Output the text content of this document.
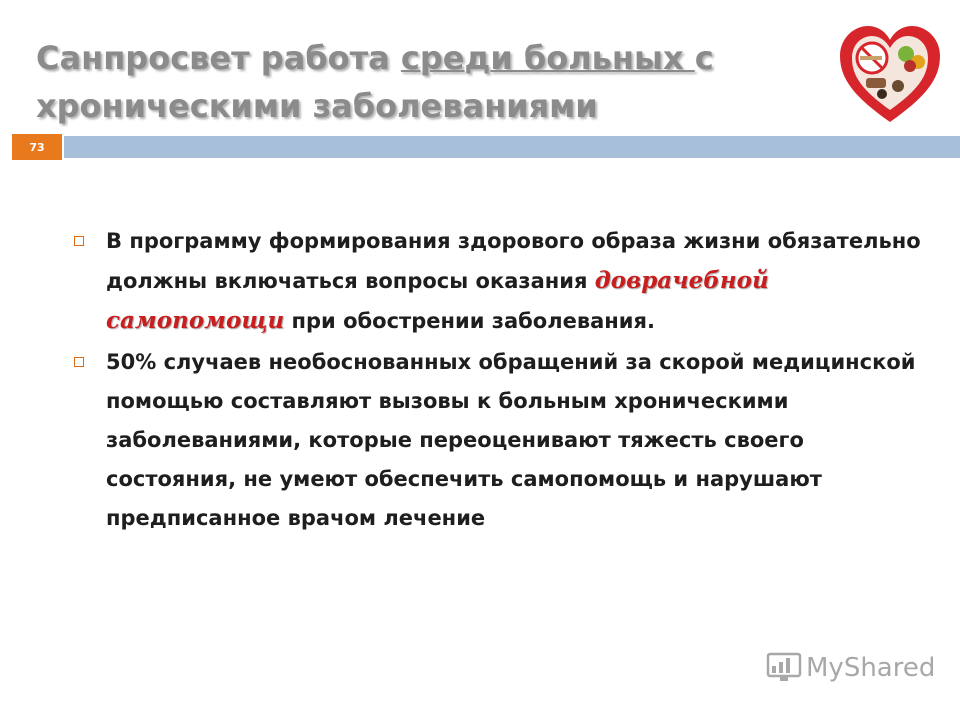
Санпросвет работа среди больных с хроническими заболеваниями
73
В программу формирования здорового образа жизни обязательно должны включаться вопросы оказания доврачебной самопомощи при обострении заболевания.
50% случаев необоснованных обращений за скорой медицинской помощью составляют вызовы к больным хроническими заболеваниями, которые переоценивают тяжесть своего состояния, не умеют обеспечить самопомощь и нарушают предписанное врачом лечение
MyShared
